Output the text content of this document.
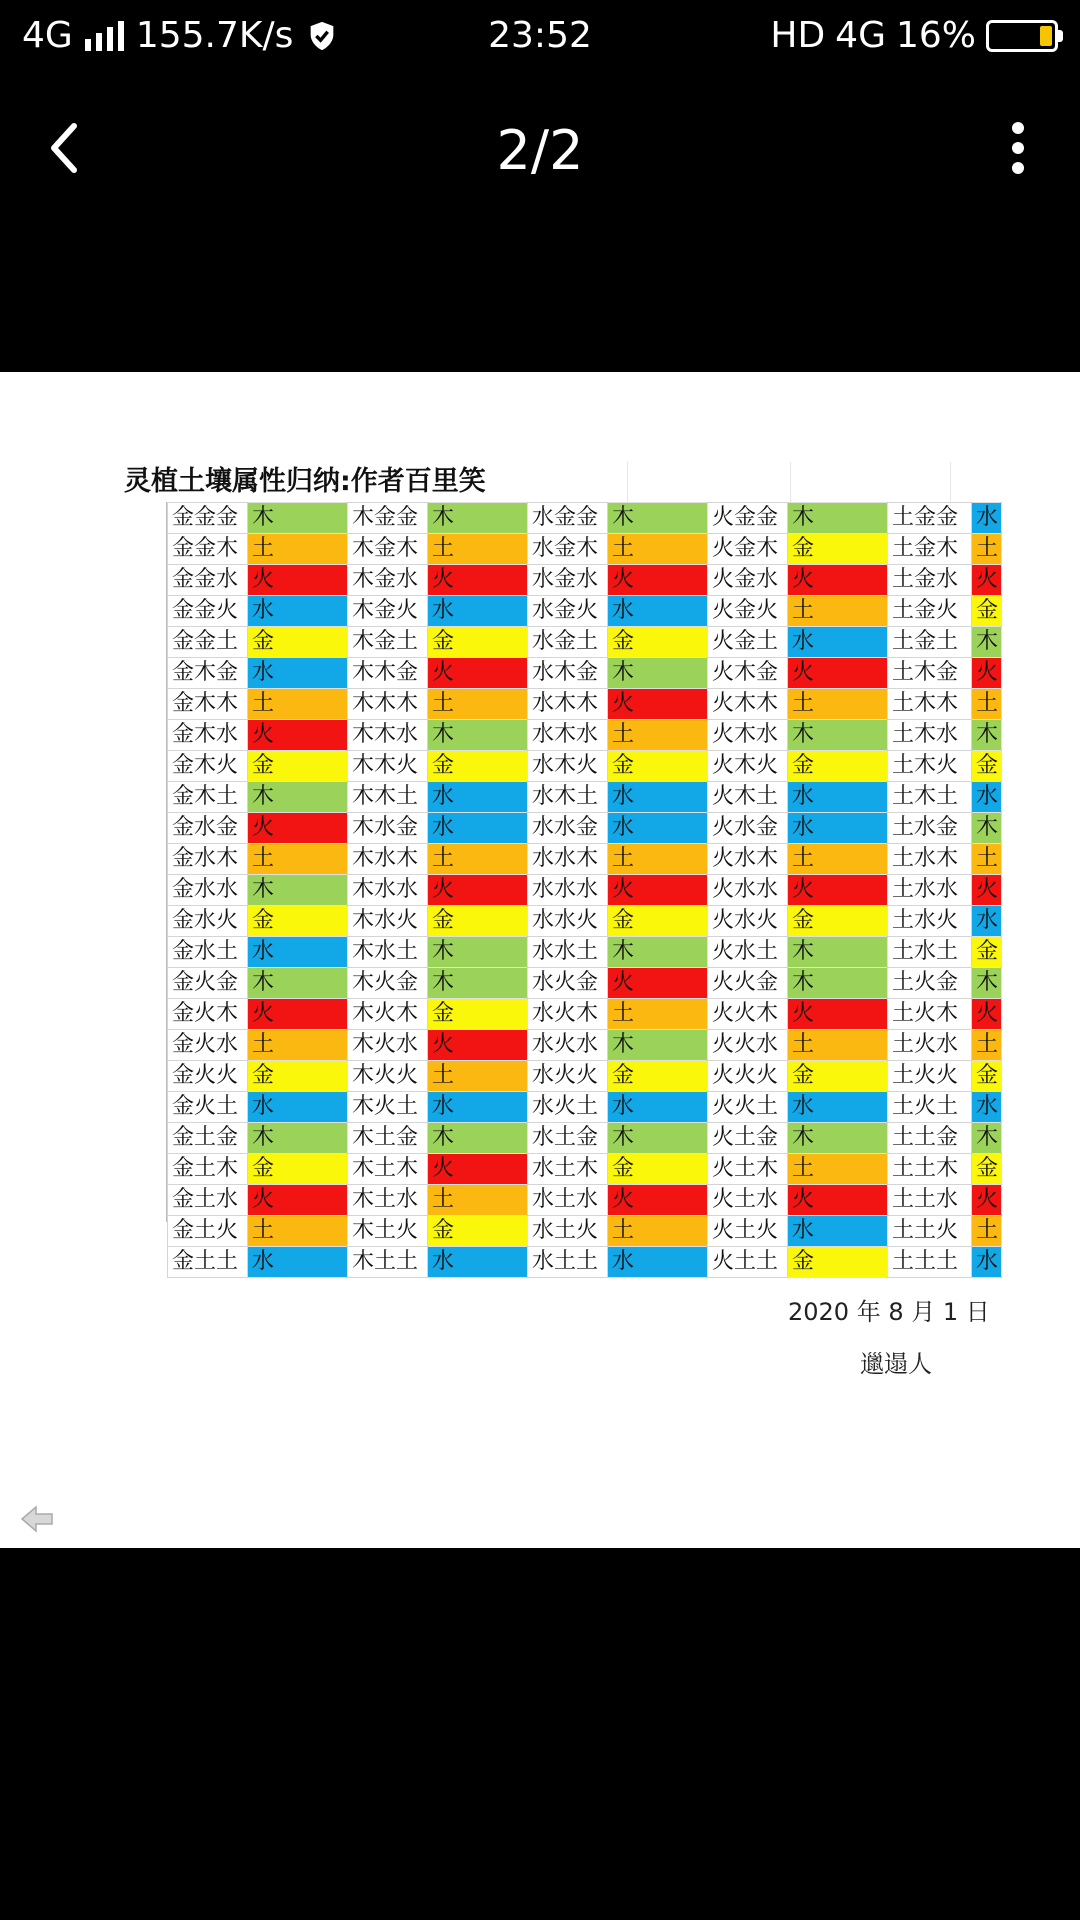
4G 155.7K/s	23:52	HD 4G 16%
2/2
灵植土壤属性归纳:作者百里笑
金金金	木	木金金	木	水金金	木	火金金	木	土金金	水
金金木	土	木金木	土	水金木	土	火金木	金	土金木	土
金金水	火	木金水	火	水金水	火	火金水	火	土金水	火
金金火	水	木金火	水	水金火	水	火金火	土	土金火	金
金金土	金	木金土	金	水金土	金	火金土	水	土金土	木
金木金	水	木木金	火	水木金	木	火木金	火	土木金	火
金木木	土	木木木	土	水木木	火	火木木	土	土木木	土
金木水	火	木木水	木	水木水	土	火木水	木	土木水	木
金木火	金	木木火	金	水木火	金	火木火	金	土木火	金
金木土	木	木木土	水	水木土	水	火木土	水	土木土	水
金水金	火	木水金	水	水水金	水	火水金	水	土水金	木
金水木	土	木水木	土	水水木	土	火水木	土	土水木	土
金水水	木	木水水	火	水水水	火	火水水	火	土水水	火
金水火	金	木水火	金	水水火	金	火水火	金	土水火	水
金水土	水	木水土	木	水水土	木	火水土	木	土水土	金
金火金	木	木火金	木	水火金	火	火火金	木	土火金	木
金火木	火	木火木	金	水火木	土	火火木	火	土火木	火
金火水	土	木火水	火	水火水	木	火火水	土	土火水	土
金火火	金	木火火	土	水火火	金	火火火	金	土火火	金
金火土	水	木火土	水	水火土	水	火火土	水	土火土	水
金土金	木	木土金	木	水土金	木	火土金	木	土土金	木
金土木	金	木土木	火	水土木	金	火土木	土	土土木	金
金土水	火	木土水	土	水土水	火	火土水	火	土土水	火
金土火	土	木土火	金	水土火	土	火土火	水	土土火	土
金土土	水	木土土	水	水土土	水	火土土	金	土土土	水
2020 年 8 月 1 日
邋遢人
